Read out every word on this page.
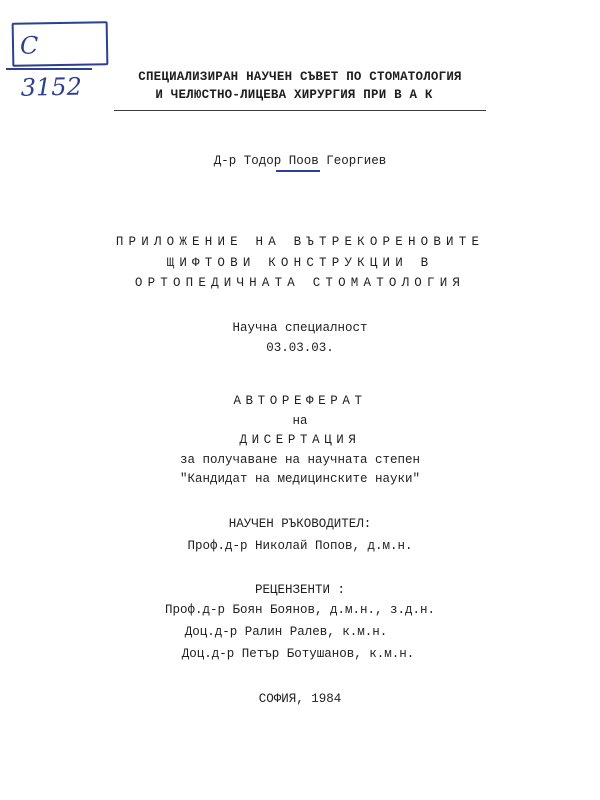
С 3152	СПЕЦИАЛИЗИРАН НАУЧЕН СЪВЕТ ПО СТОМАТОЛОГИЯ
И ЧЕЛЮСТНО-ЛИЦЕВА ХИРУРГИЯ ПРИ В А К
Д-р Тодор Поов Георгиев
ПРИЛОЖЕНИЕ НА ВЪТРЕКОРЕНОВИТЕ
ЩИФТОВИ КОНСТРУКЦИИ В
ОРТОПЕДИЧНАТА СТОМАТОЛОГИЯ
Научна специалност
03.03.03.
АВТОРЕФЕРАТ
на
ДИСЕРТАЦИЯ
за получаване на научната степен
"Кандидат на медицинските науки"
НАУЧЕН РЪКОВОДИТЕЛ:
Проф.д-р Николай Попов, д.м.н.
РЕЦЕНЗЕНТИ :
Проф.д-р Боян Боянов, д.м.н., з.д.н.
Доц.д-р Ралин Ралев, к.м.н.
Доц.д-р Петър Ботушанов, к.м.н.
СОФИЯ, 1984
